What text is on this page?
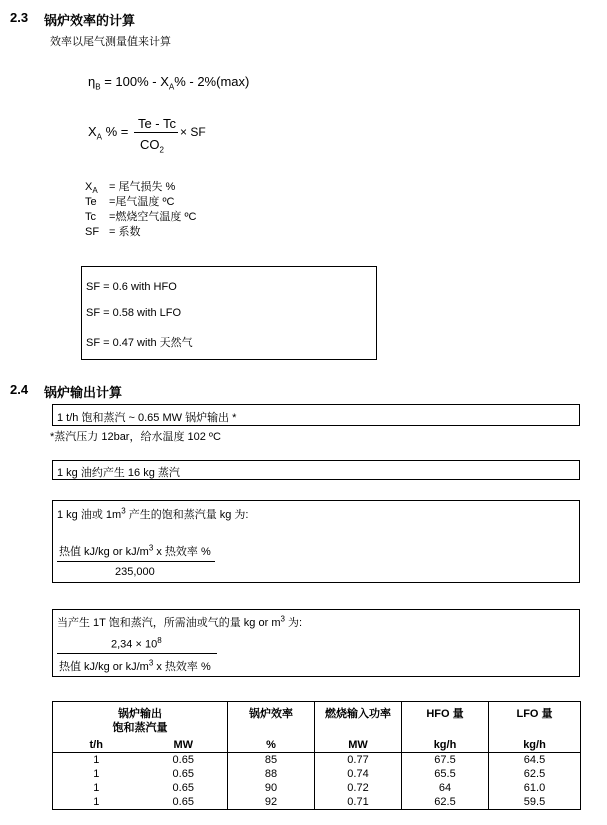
2.3 锅炉效率的计算
效率以尾气测量值来计算
$\eta_B = 100\% - X_A\% - 2\%(\max)$
$X_A$ % =
Te - Tc
$CO_2$
× SF
$X_A$ = 尾气损失 %
Te =尾气温度 ºC
Tc =燃烧空气温度 ºC
SF = 系数
SF = 0.6 with HFO
SF = 0.58 with LFO
SF = 0.47 with 天然气
2.4 锅炉输出计算
1 t/h 饱和蒸汽 ~ 0.65 MW 锅炉输出 *
*蒸汽压力 12bar，给水温度 102 ºC
1 kg 油约产生 16 kg 蒸汽
1 kg 油或 $1m^3$ 产生的饱和蒸汽量 kg 为:
热值 kJ/kg or $kJ/m^3$ x 热效率 %
235,000
当产生 1T 饱和蒸汽，所需油或气的量 kg or $m^3$ 为:
$2,34 \times 10^8$
热值 kJ/kg or $kJ/m^3$ x 热效率 %
锅炉输出
饱和蒸汽量		锅炉效率	燃烧输入功率	HFO 量	LFO 量
t/h	MW	%	MW	kg/h	kg/h
1	0.65	85	0.77	67.5	64.5
1	0.65	88	0.74	65.5	62.5
1	0.65	90	0.72	64	61.0
1	0.65	92	0.71	62.5	59.5
